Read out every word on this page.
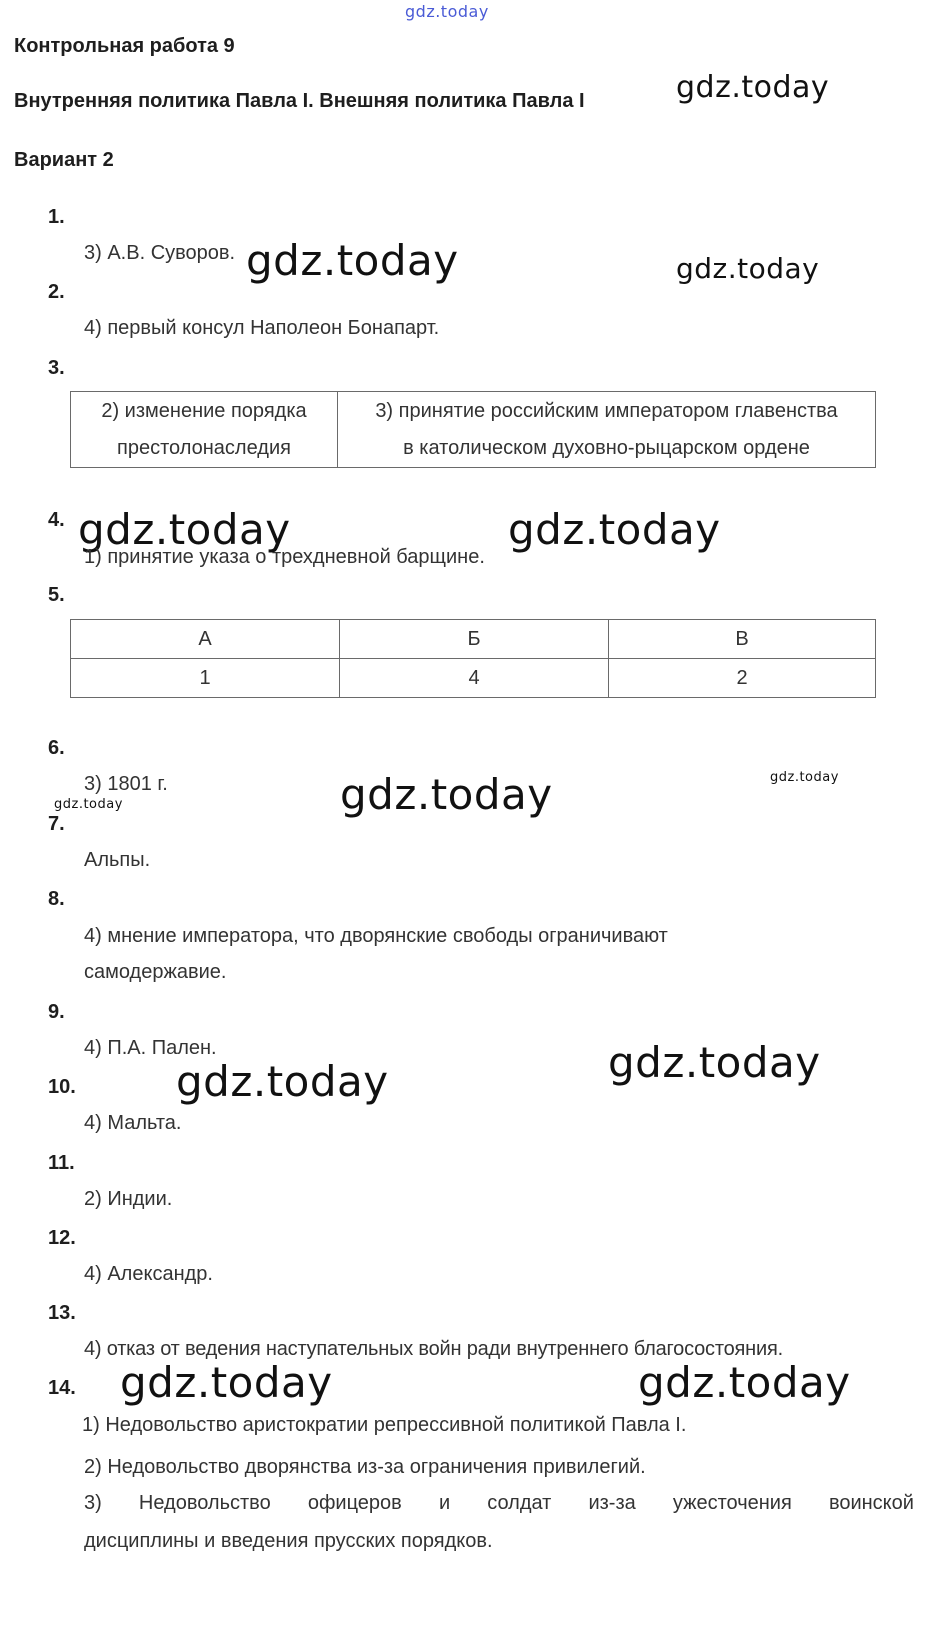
gdz.today
gdz.today
gdz.today	gdz.today
gdz.today	gdz.today
gdz.today	gdz.today
gdz.today
gdz.today
gdz.today
gdz.today	gdz.today
Контрольная работа 9
Внутренняя политика Павла I. Внешняя политика Павла I
Вариант 2
1.
3) А.В. Суворов.
2.
4) первый консул Наполеон Бонапарт.
3.
2) изменение порядка
престолонаследия

3) принятие российским императором главенства
в католическом духовно-рыцарском ордене
4.
1) принятие указа о трехдневной барщине.
5.
А	Б	В
1	4	2
6.
3) 1801 г.
7.
Альпы.
8.
4) мнение императора, что дворянские свободы ограничивают
самодержавие.
9.
4) П.А. Пален.
10.
4) Мальта.
11.
2) Индии.
12.
4) Александр.
13.
4) отказ от ведения наступательных войн ради внутреннего благосостояния.
14.
1) Недовольство аристократии репрессивной политикой Павла I.
2) Недовольство дворянства из-за ограничения привилегий.
3) Недовольство офицеров и солдат из-за ужесточения воинской
дисциплины и введения прусских порядков.
